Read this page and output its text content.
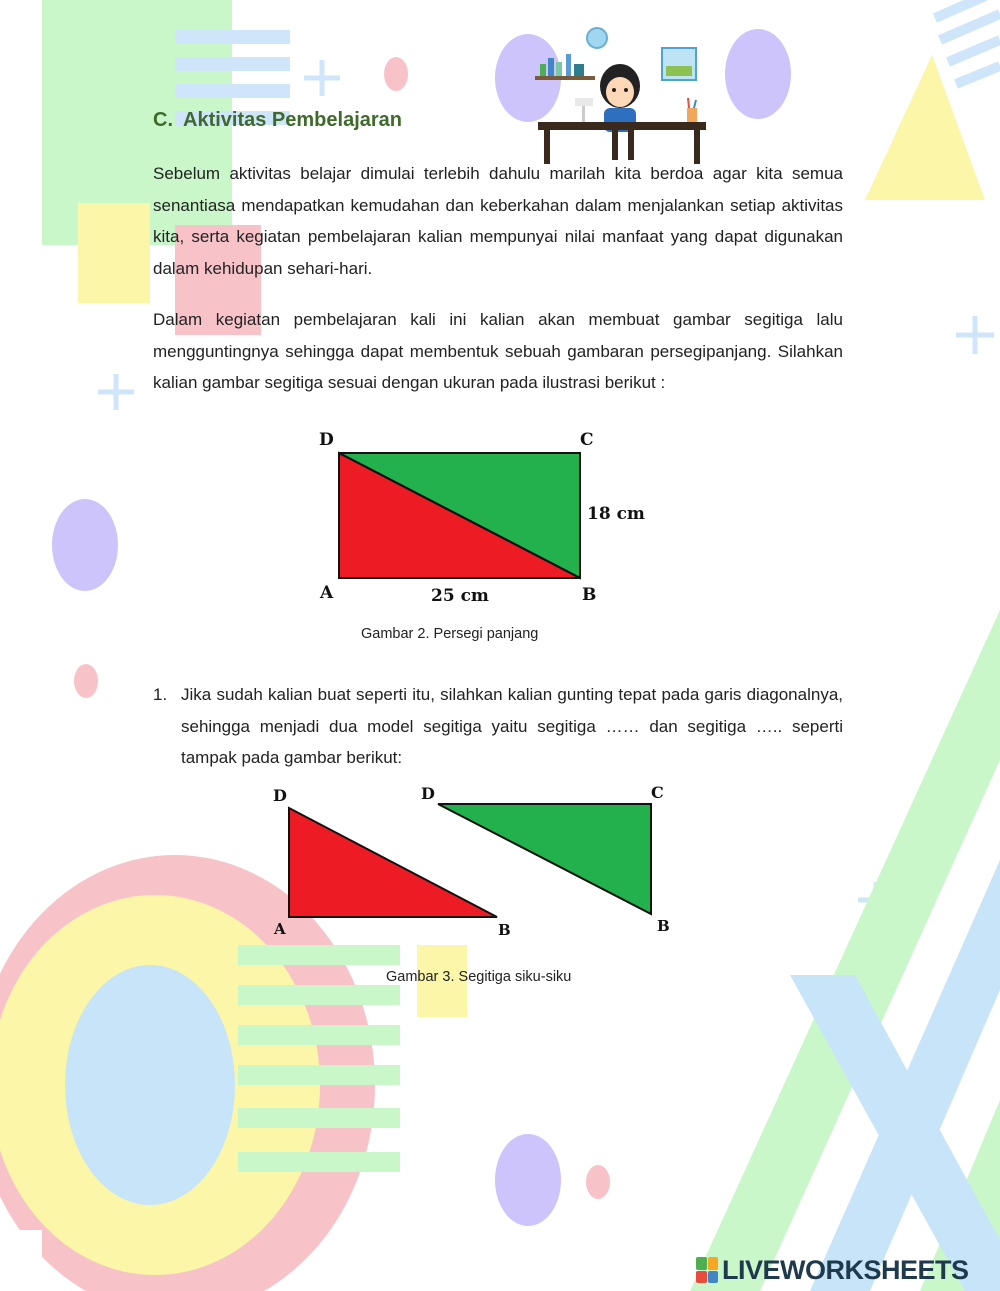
C. Aktivitas Pembelajaran
Sebelum aktivitas belajar dimulai terlebih dahulu marilah kita berdoa agar kita semua senantiasa mendapatkan kemudahan dan keberkahan dalam menjalankan setiap aktivitas kita, serta kegiatan pembelajaran kalian mempunyai nilai manfaat yang dapat digunakan dalam kehidupan sehari-hari.
Dalam kegiatan pembelajaran kali ini kalian akan membuat gambar segitiga lalu mengguntingnya sehingga dapat membentuk sebuah gambaran persegipanjang. Silahkan kalian gambar segitiga sesuai dengan ukuran pada ilustrasi berikut :
D	C
A	B
18 cm
25 cm
Gambar 2. Persegi panjang
1. Jika sudah kalian buat seperti itu, silahkan kalian gunting tepat pada garis diagonalnya, sehingga menjadi dua model segitiga yaitu segitiga …… dan segitiga ….. seperti tampak pada gambar berikut:
D
A	B
D	C
B
Gambar 3. Segitiga siku-siku
LIVEWORKSHEETS
